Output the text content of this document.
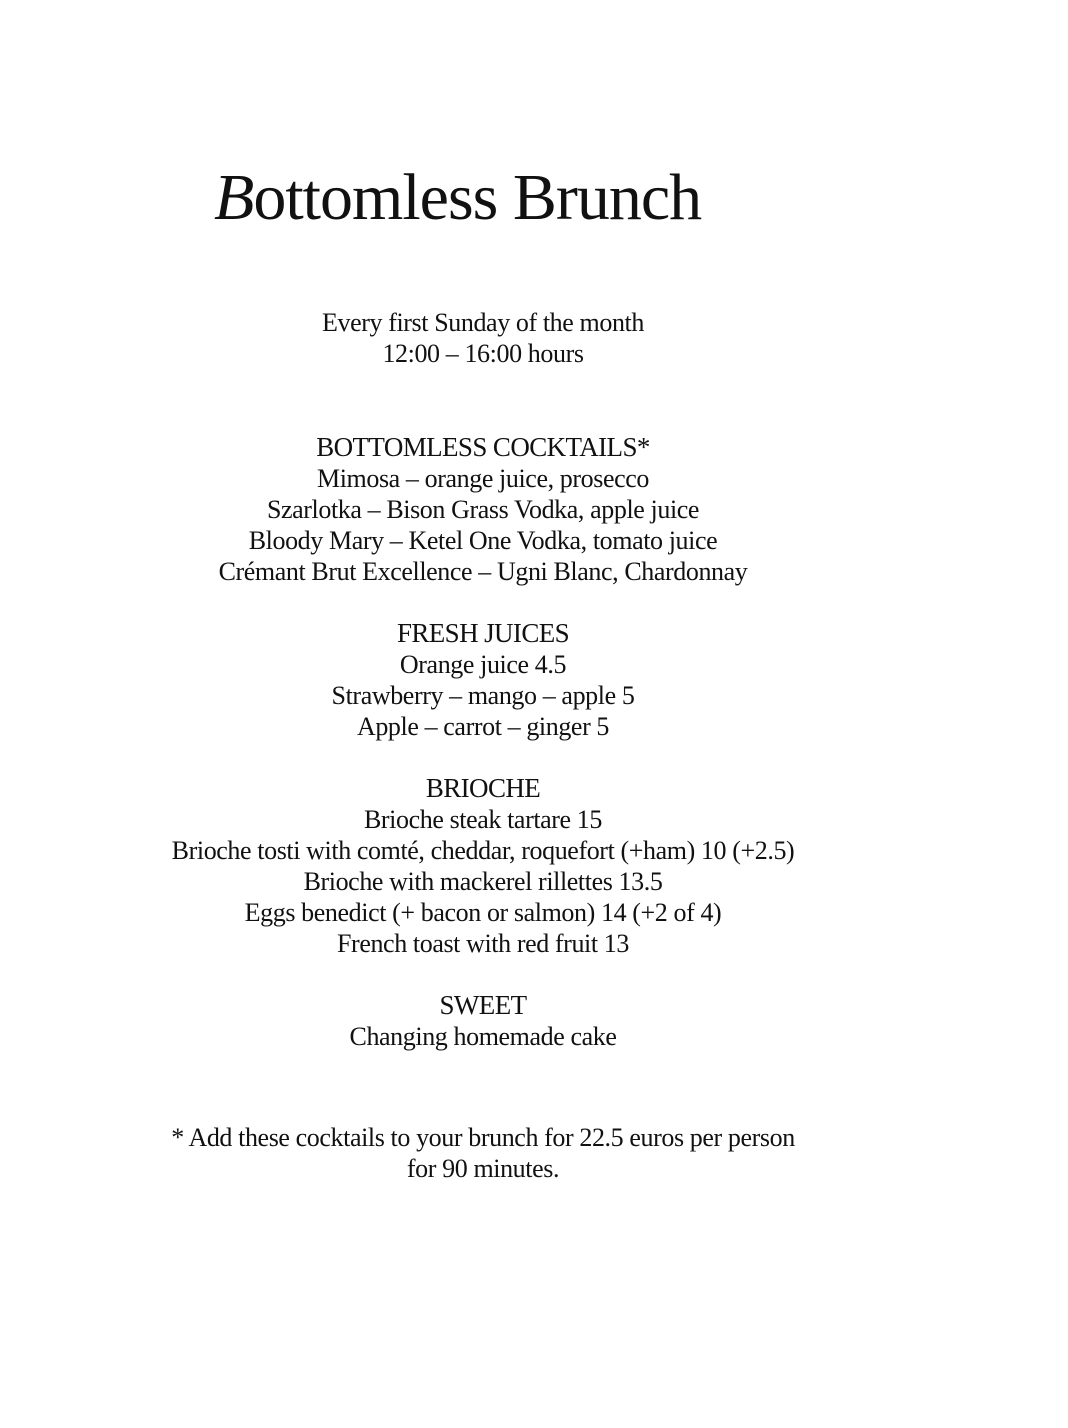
Bottomless Brunch
Every first Sunday of the month
12:00 – 16:00 hours
BOTTOMLESS COCKTAILS*
Mimosa – orange juice, prosecco
Szarlotka – Bison Grass Vodka, apple juice
Bloody Mary – Ketel One Vodka, tomato juice
Crémant Brut Excellence – Ugni Blanc, Chardonnay
FRESH JUICES
Orange juice 4.5
Strawberry – mango – apple 5
Apple – carrot – ginger 5
BRIOCHE
Brioche steak tartare 15
Brioche tosti with comté, cheddar, roquefort (+ham) 10 (+2.5)
Brioche with mackerel rillettes 13.5
Eggs benedict (+ bacon or salmon) 14 (+2 of 4)
French toast with red fruit 13
SWEET
Changing homemade cake
* Add these cocktails to your brunch for 22.5 euros per person for 90 minutes.
